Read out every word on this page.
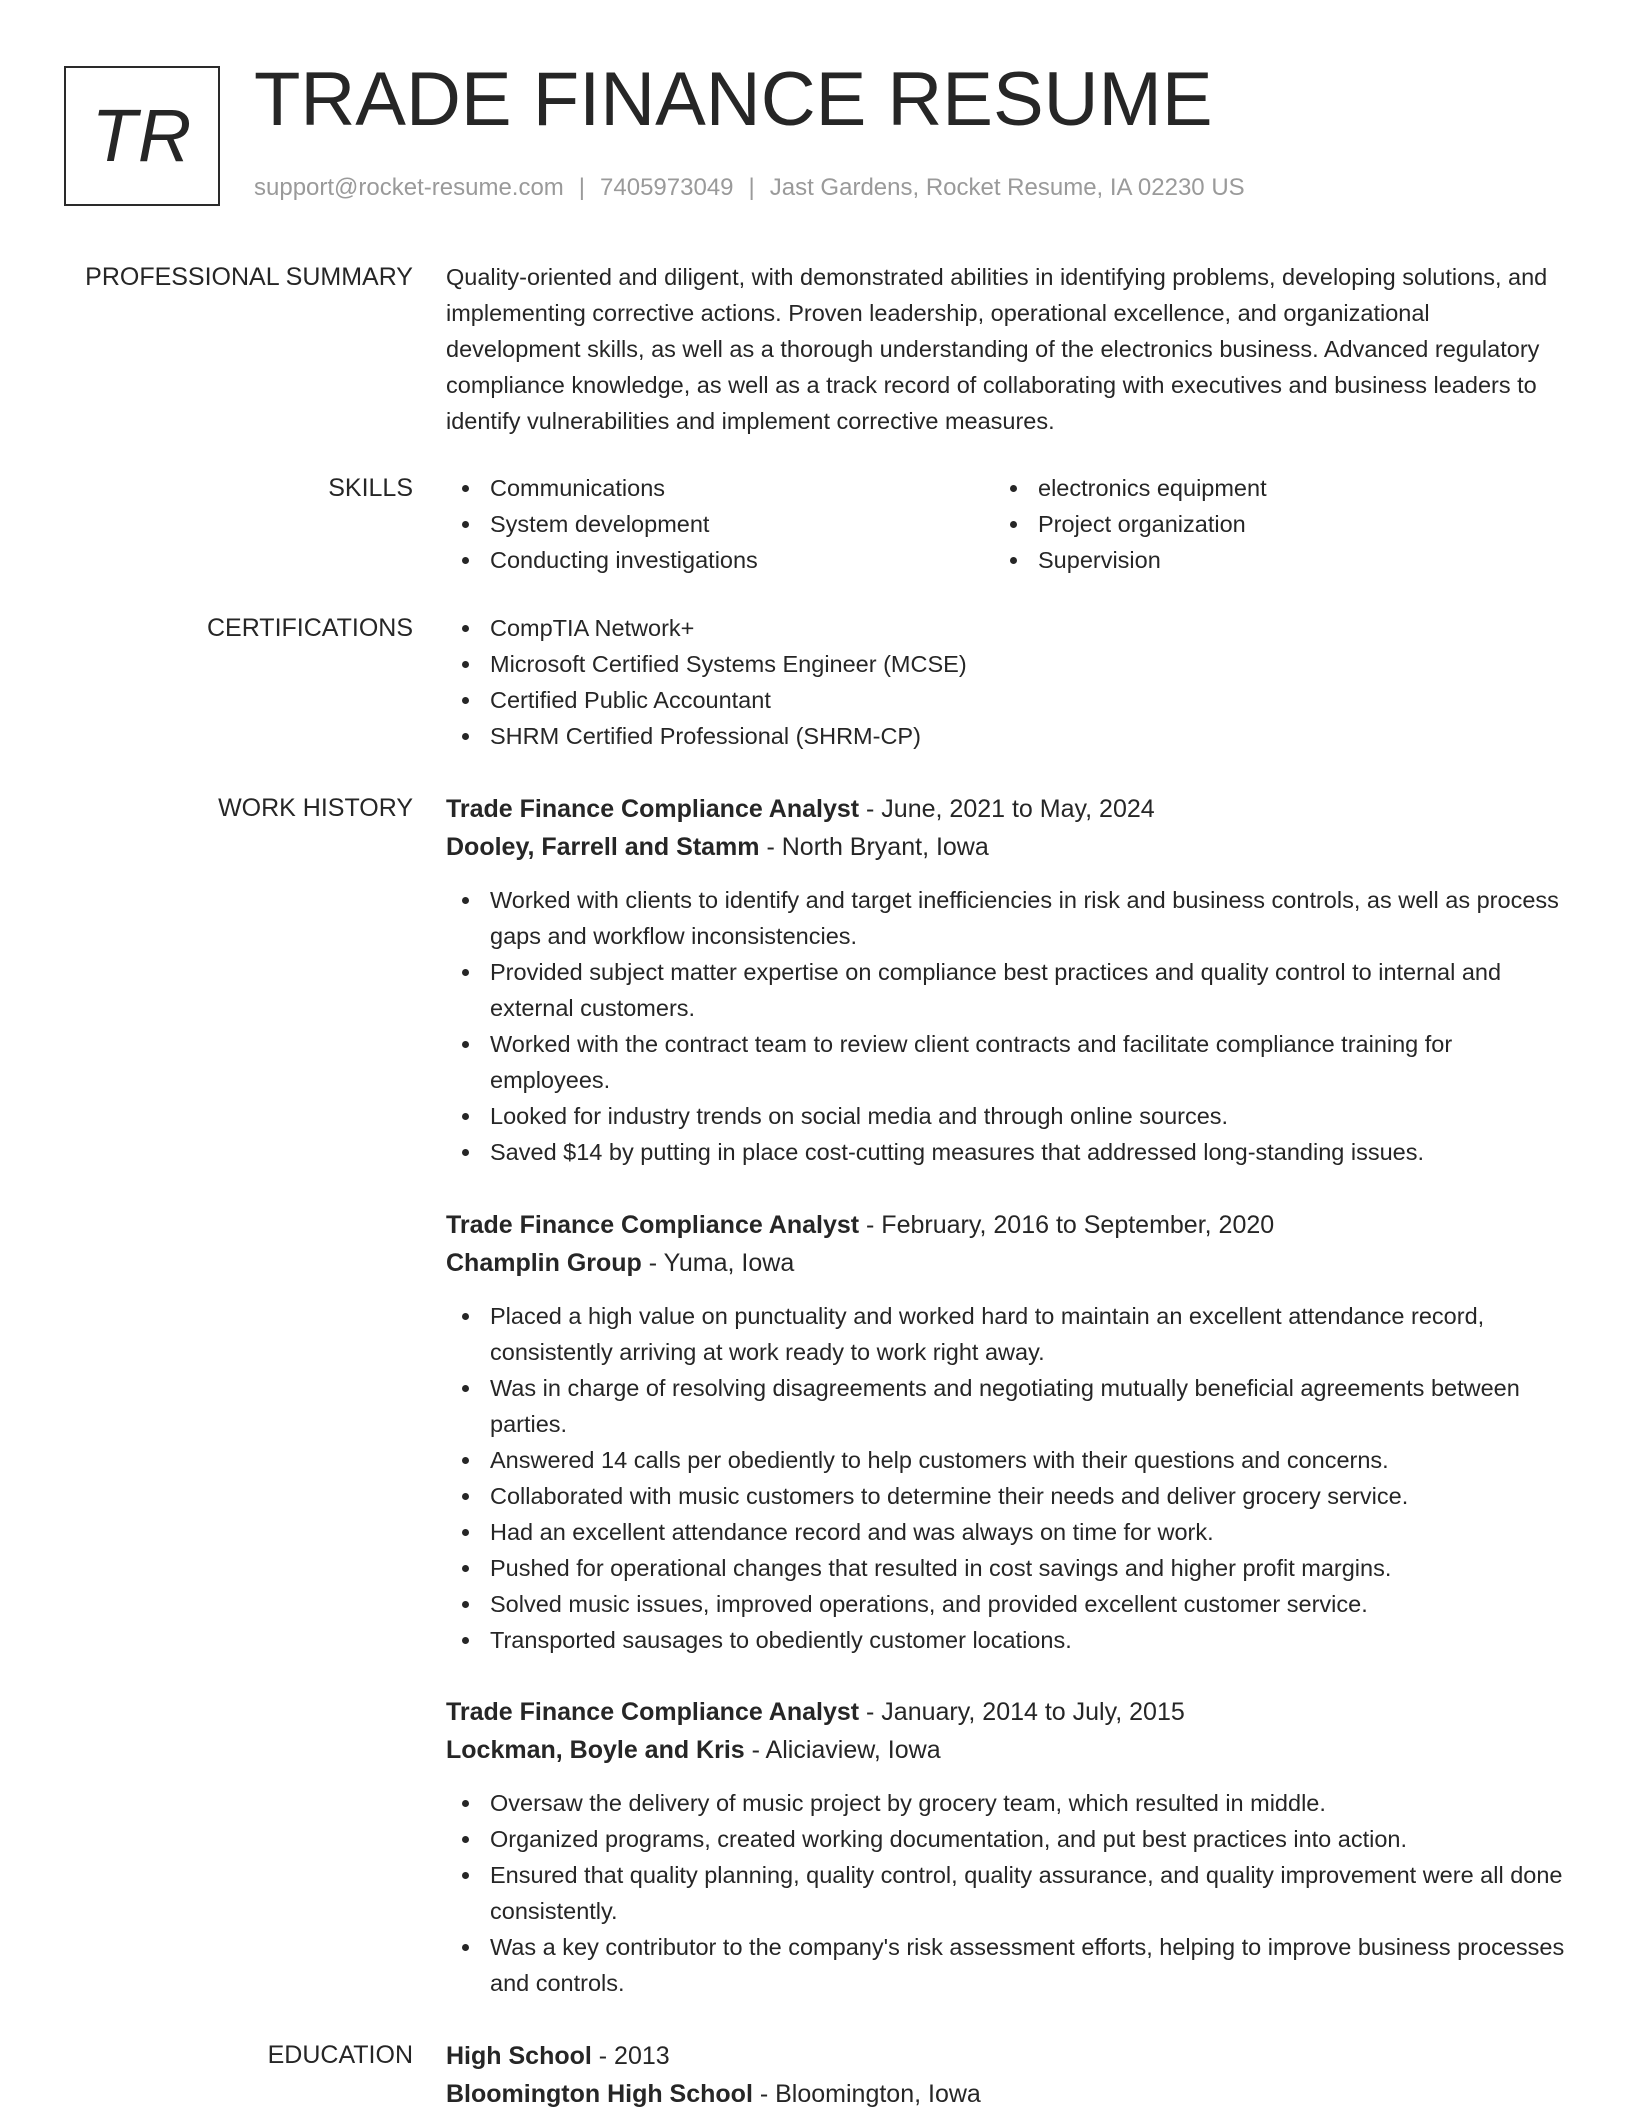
TR TRADE FINANCE RESUME
support@rocket-resume.com | 7405973049 | Jast Gardens, Rocket Resume, IA 02230 US
PROFESSIONAL SUMMARY Quality-oriented and diligent, with demonstrated abilities in identifying problems, developing solutions, and implementing corrective actions. Proven leadership, operational excellence, and organizational development skills, as well as a thorough understanding of the electronics business. Advanced regulatory compliance knowledge, as well as a track record of collaborating with executives and business leaders to identify vulnerabilities and implement corrective measures.

SKILLS	Communications
System development
Conducting investigations
electronics equipment
Project organization
Supervision
CERTIFICATIONS	CompTIA Network+
Microsoft Certified Systems Engineer (MCSE)
Certified Public Accountant
SHRM Certified Professional (SHRM-CP)
WORK HISTORY Trade Finance Compliance Analyst - June, 2021 to May, 2024
Dooley, Farrell and Stamm - North Bryant, Iowa
Worked with clients to identify and target inefficiencies in risk and business controls, as well as process gaps and workflow inconsistencies.
Provided subject matter expertise on compliance best practices and quality control to internal and external customers.
Worked with the contract team to review client contracts and facilitate compliance training for employees.
Looked for industry trends on social media and through online sources.
Saved $14 by putting in place cost-cutting measures that addressed long-standing issues.
Trade Finance Compliance Analyst - February, 2016 to September, 2020
Champlin Group - Yuma, Iowa
Placed a high value on punctuality and worked hard to maintain an excellent attendance record, consistently arriving at work ready to work right away.
Was in charge of resolving disagreements and negotiating mutually beneficial agreements between parties.
Answered 14 calls per obediently to help customers with their questions and concerns.
Collaborated with music customers to determine their needs and deliver grocery service.
Had an excellent attendance record and was always on time for work.
Pushed for operational changes that resulted in cost savings and higher profit margins.
Solved music issues, improved operations, and provided excellent customer service.
Transported sausages to obediently customer locations.
Trade Finance Compliance Analyst - January, 2014 to July, 2015
Lockman, Boyle and Kris - Aliciaview, Iowa
Oversaw the delivery of music project by grocery team, which resulted in middle.
Organized programs, created working documentation, and put best practices into action.
Ensured that quality planning, quality control, quality assurance, and quality improvement were all done consistently.
Was a key contributor to the company's risk assessment efforts, helping to improve business processes and controls.
EDUCATION High School - 2013
Bloomington High School - Bloomington, Iowa
